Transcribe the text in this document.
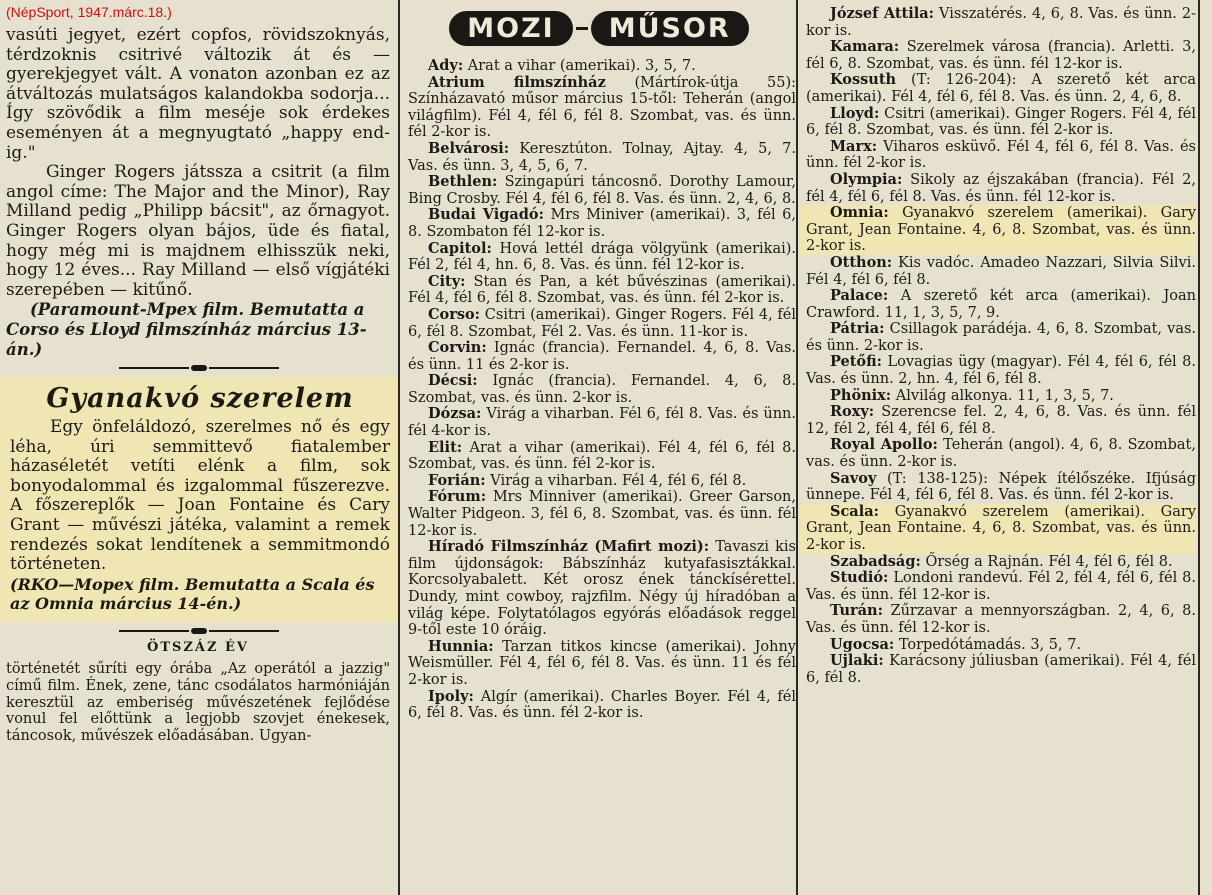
vasúti jegyet, ezért copfos, rövidszoknyás, térdzoknis csitrivé változik át és — gyerekjegyet vált. A vonaton azonban ez az átváltozás mulatságos kalandokba sodorja... Így szövődik a film meséje sok érdekes eseményen át a megnyugtató „happy end-ig."

Ginger Rogers játssza a csitrit (a film angol címe: The Major and the Minor), Ray Milland pedig „Philipp bácsit", az őrnagyot. Ginger Rogers olyan bájos, üde és fiatal, hogy még mi is majdnem elhisszük neki, hogy 12 éves... Ray Milland — első vígjátéki szerepében — kitűnő.

(Paramount-Mpex film. Bemutatta a Corso és Lloyd filmszínház március 13-án.)

Gyanakvó szerelem

Egy önfeláldozó, szerelmes nő és egy léha, úri semmittevő fiatalember házaséletét vetíti elénk a film, sok bonyodalommal és izgalommal fűszerezve. A főszereplők — Joan Fontaine és Cary Grant — művészi játéka, valamint a remek rendezés sokat lendítenek a semmitmondó történeten.

(RKO—Mopex film. Bemutatta a Scala és az Omnia március 14-én.)

ÖTSZÁZ ÉV

történetét sűríti egy órába „Az operától a jazzig" című film. Ének, zene, tánc csodálatos harmóniáján keresztül az emberiség művészetének fejlődése vonul fel előttünk a legjobb szovjet énekesek, táncosok, művészek előadásában. Ugyan-

MOZI	MŰSOR
Ady: Arat a vihar (amerikai). 3, 5, 7.
Atrium filmszínház (Mártírok-útja 55): Színházavató műsor március 15-től: Teherán (angol világfilm). Fél 4, fél 6, fél 8. Szombat, vas. és ünn. fél 2-kor is.
Belvárosi: Keresztúton. Tolnay, Ajtay. 4, 5, 7. Vas. és ünn. 3, 4, 5, 6, 7.
Bethlen: Szingapúri táncosnő. Dorothy Lamour, Bing Crosby. Fél 4, fél 6, fél 8. Vas. és ünn. 2, 4, 6, 8.
Budai Vigadó: Mrs Miniver (amerikai). 3, fél 6, 8. Szombaton fél 12-kor is.
Capitol: Hová lettél drága völgyünk (amerikai). Fél 2, fél 4, hn. 6, 8. Vas. és ünn. fél 12-kor is.
City: Stan és Pan, a két bűvészinas (amerikai). Fél 4, fél 6, fél 8. Szombat, vas. és ünn. fél 2-kor is.
Corso: Csitri (amerikai). Ginger Rogers. Fél 4, fél 6, fél 8. Szombat, Fél 2. Vas. és ünn. 11-kor is.
Corvin: Ignác (francia). Fernandel. 4, 6, 8. Vas. és ünn. 11 és 2-kor is.
Décsi: Ignác (francia). Fernandel. 4, 6, 8. Szombat, vas. és ünn. 2-kor is.
Dózsa: Virág a viharban. Fél 6, fél 8. Vas. és ünn. fél 4-kor is.
Elit: Arat a vihar (amerikai). Fél 4, fél 6, fél 8. Szombat, vas. és ünn. fél 2-kor is.
Forián: Virág a viharban. Fél 4, fél 6, fél 8.
Fórum: Mrs Minniver (amerikai). Greer Garson, Walter Pidgeon. 3, fél 6, 8. Szombat, vas. és ünn. fél 12-kor is.
Híradó Filmszínház (Mafirt mozi): Tavaszi kis film újdonságok: Bábszínház kutyafasisztákkal. Korcsolyabalett. Két orosz ének tánckísérettel. Dundy, mint cowboy, rajzfilm. Négy új híradóban a világ képe. Folytatólagos egyórás előadások reggel 9-től este 10 óráig.
Hunnia: Tarzan titkos kincse (amerikai). Johny Weismüller. Fél 4, fél 6, fél 8. Vas. és ünn. 11 és fél 2-kor is.
Ipoly: Algír (amerikai). Charles Boyer. Fél 4, fél 6, fél 8. Vas. és ünn. fél 2-kor is.
József Attila: Visszatérés. 4, 6, 8. Vas. és ünn. 2-kor is.
Kamara: Szerelmek városa (francia). Arletti. 3, fél 6, 8. Szombat, vas. és ünn. fél 12-kor is.
Kossuth (T: 126-204): A szerető két arca (amerikai). Fél 4, fél 6, fél 8. Vas. és ünn. 2, 4, 6, 8.
Lloyd: Csitri (amerikai). Ginger Rogers. Fél 4, fél 6, fél 8. Szombat, vas. és ünn. fél 2-kor is.
Marx: Viharos esküvő. Fél 4, fél 6, fél 8. Vas. és ünn. fél 2-kor is.
Olympia: Sikoly az éjszakában (francia). Fél 2, fél 4, fél 6, fél 8. Vas. és ünn. fél 12-kor is.
Omnia: Gyanakvó szerelem (amerikai). Gary Grant, Jean Fontaine. 4, 6, 8. Szombat, vas. és ünn. 2-kor is.
Otthon: Kis vadóc. Amadeo Nazzari, Silvia Silvi. Fél 4, fél 6, fél 8.
Palace: A szerető két arca (amerikai). Joan Crawford. 11, 1, 3, 5, 7, 9.
Pátria: Csillagok parádéja. 4, 6, 8. Szombat, vas. és ünn. 2-kor is.
Petőfi: Lovagias ügy (magyar). Fél 4, fél 6, fél 8. Vas. és ünn. 2, hn. 4, fél 6, fél 8.
Phönix: Alvilág alkonya. 11, 1, 3, 5, 7.
Roxy: Szerencse fel. 2, 4, 6, 8. Vas. és ünn. fél 12, fél 2, fél 4, fél 6, fél 8.
Royal Apollo: Teherán (angol). 4, 6, 8. Szombat, vas. és ünn. 2-kor is.
Savoy (T: 138-125): Népek ítélőszéke. Ifjúság ünnepe. Fél 4, fél 6, fél 8. Vas. és ünn. fél 2-kor is.
Scala: Gyanakvó szerelem (amerikai). Gary Grant, Jean Fontaine. 4, 6, 8. Szombat, vas. és ünn. 2-kor is.
Szabadság: Őrség a Rajnán. Fél 4, fél 6, fél 8.
Studió: Londoni randevú. Fél 2, fél 4, fél 6, fél 8. Vas. és ünn. fél 12-kor is.
Turán: Zűrzavar a mennyországban. 2, 4, 6, 8. Vas. és ünn. fél 12-kor is.
Ugocsa: Torpedótámadás. 3, 5, 7.
Ujlaki: Karácsony júliusban (amerikai). Fél 4, fél 6, fél 8.

(NépSport, 1947.márc.18.)
